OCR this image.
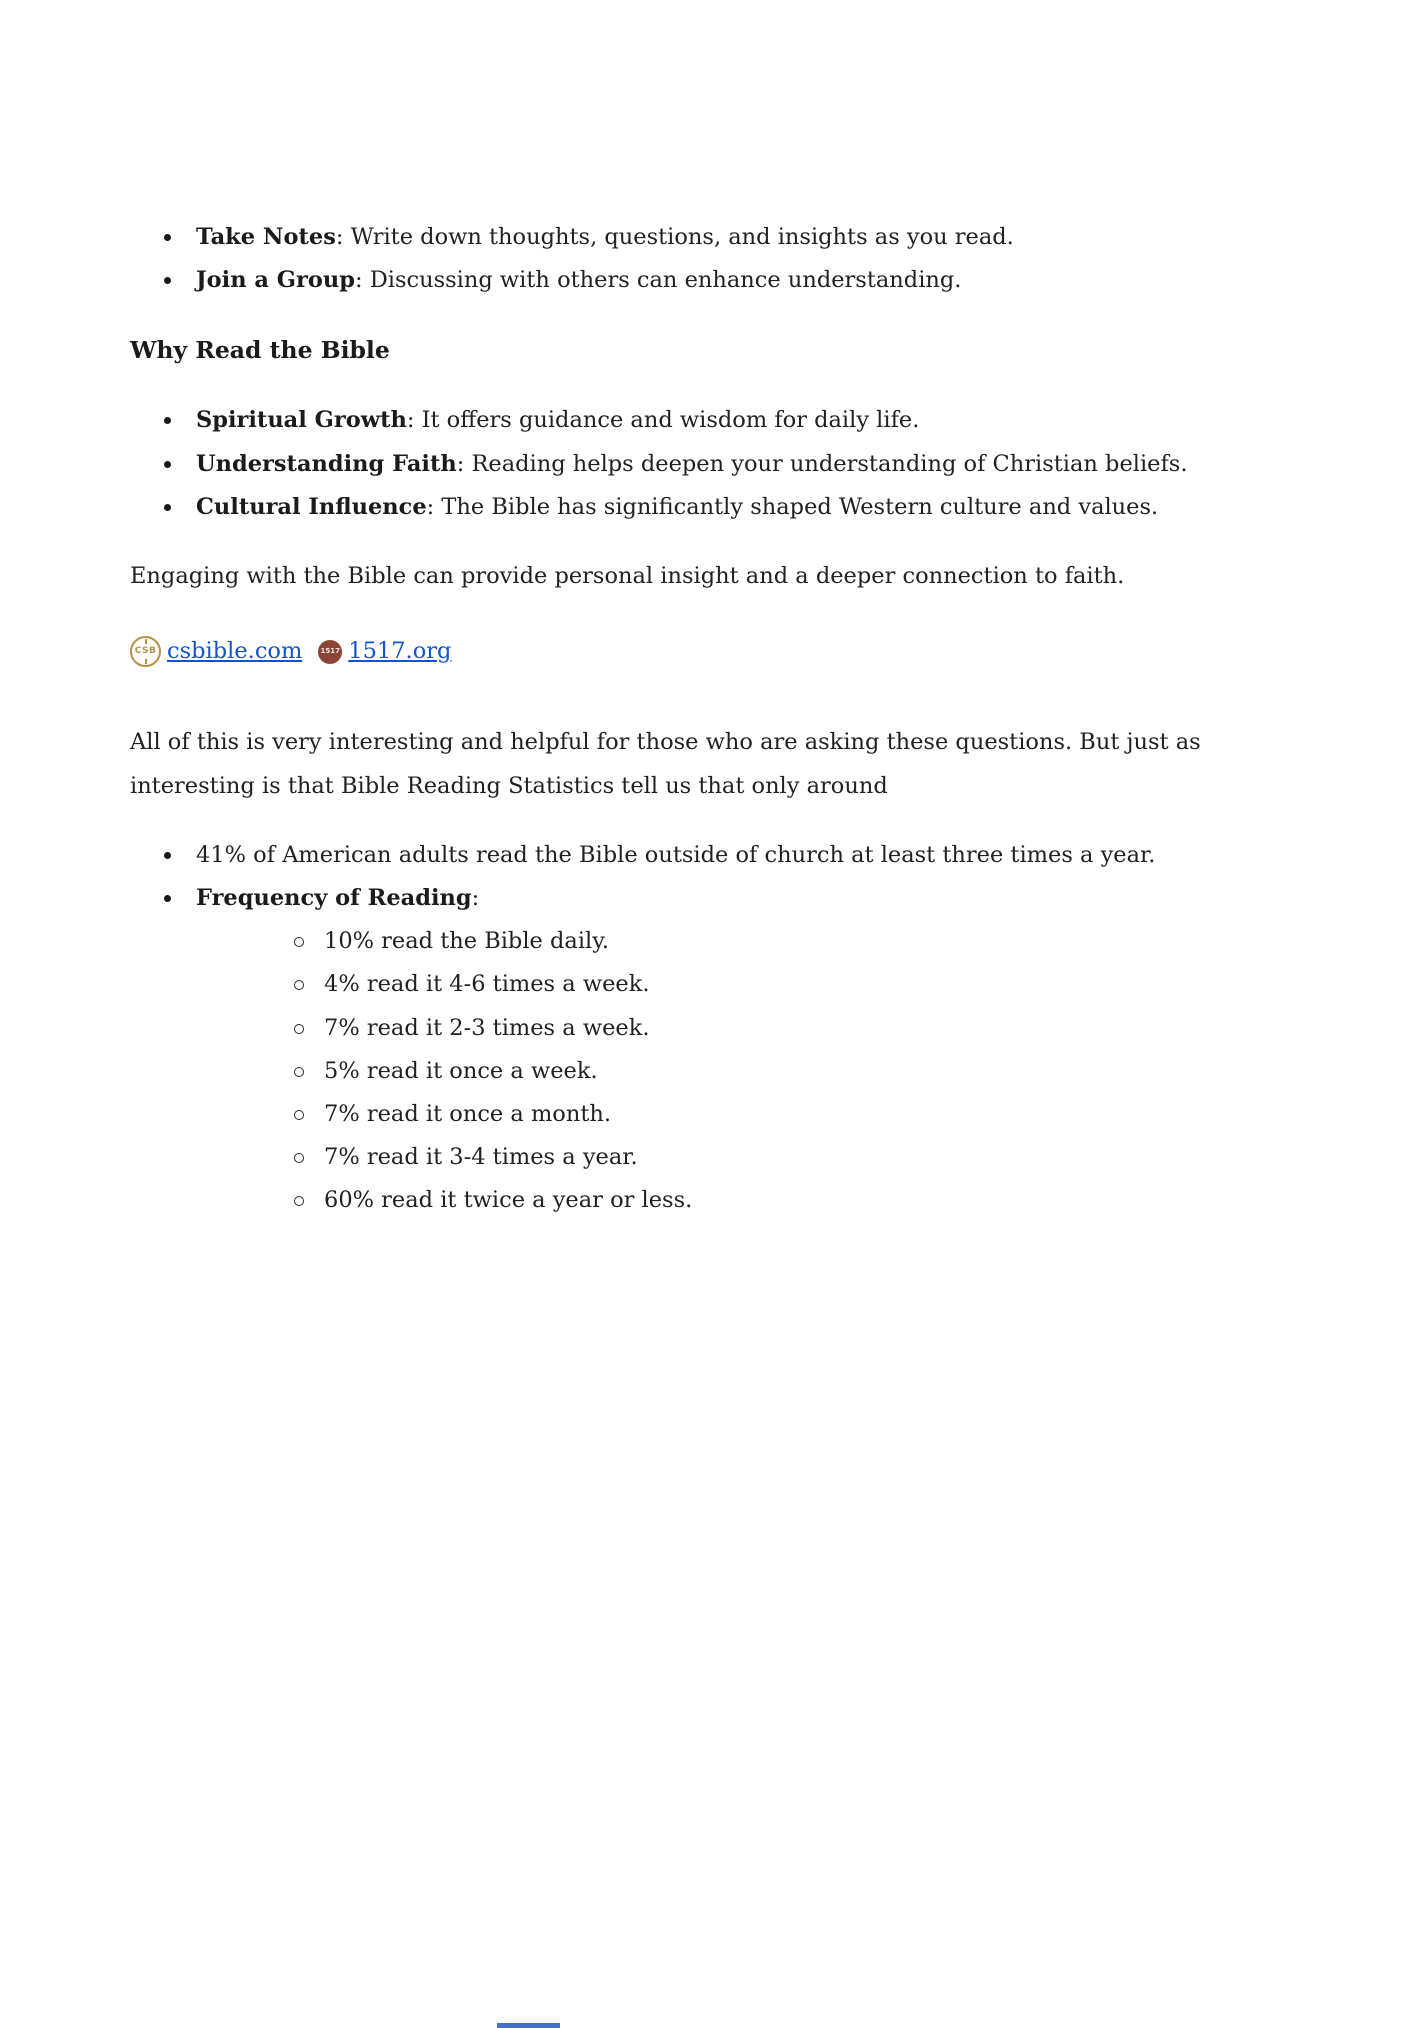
Take Notes: Write down thoughts, questions, and insights as you read.
Join a Group: Discussing with others can enhance understanding.
Why Read the Bible
Spiritual Growth: It offers guidance and wisdom for daily life.
Understanding Faith: Reading helps deepen your understanding of Christian beliefs.
Cultural Influence: The Bible has significantly shaped Western culture and values.

Engaging with the Bible can provide personal insight and a deeper connection to faith.

CSB csbible.com	1517 1517.org

All of this is very interesting and helpful for those who are asking these questions. But just as interesting is that Bible Reading Statistics tell us that only around

41% of American adults read the Bible outside of church at least three times a year.
Frequency of Reading:
10% read the Bible daily.
4% read it 4-6 times a week.
7% read it 2-3 times a week.
5% read it once a week.
7% read it once a month.
7% read it 3-4 times a year.
60% read it twice a year or less.
